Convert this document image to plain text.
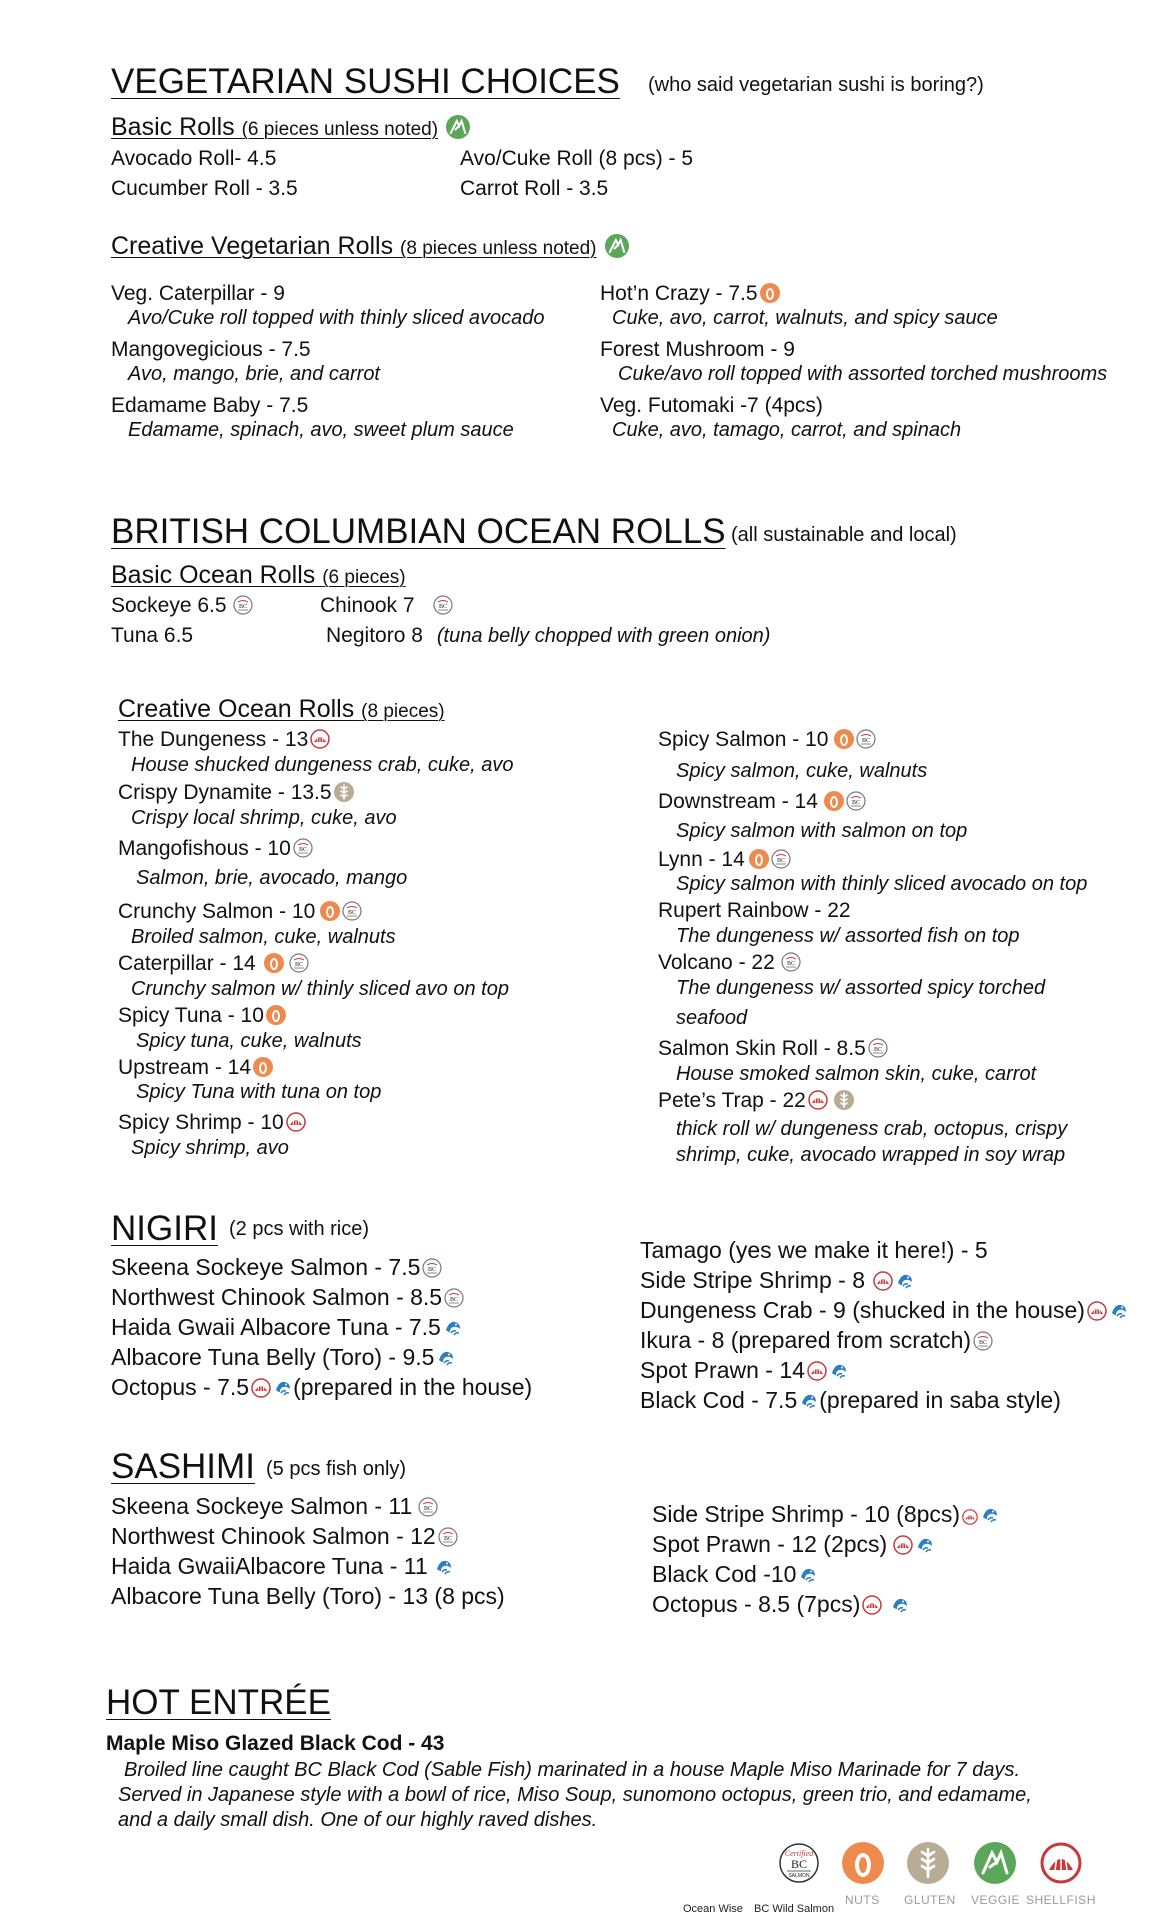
VEGETARIAN SUSHI CHOICES (who said vegetarian sushi is boring?)
Basic Rolls (6 pieces unless noted)
Avocado Roll- 4.5	Avo/Cuke Roll (8 pcs) - 5
Cucumber Roll - 3.5	Carrot Roll - 3.5
Creative Vegetarian Rolls (8 pieces unless noted)
Veg. Caterpillar - 9
Avo/Cuke roll topped with thinly sliced avocado
Mangovegicious - 7.5
Avo, mango, brie, and carrot
Edamame Baby - 7.5
Edamame, spinach, avo, sweet plum sauce
Hot’n Crazy - 7.5
Cuke, avo, carrot, walnuts, and spicy sauce
Forest Mushroom - 9
Cuke/avo roll topped with assorted torched mushrooms
Veg. Futomaki -7 (4pcs)
Cuke, avo, tamago, carrot, and spinach
BRITISH COLUMBIAN OCEAN ROLLS (all sustainable and local)
Basic Ocean Rolls (6 pieces)
Sockeye 6.5 BC	Chinook 7	BC
Tuna 6.5	Negitoro 8 (tuna belly chopped with green onion)
Creative Ocean Rolls (8 pieces)
The Dungeness - 13
House shucked dungeness crab, cuke, avo
Crispy Dynamite - 13.5
Crispy local shrimp, cuke, avo
Mangofishous - 10 BC
Salmon, brie, avocado, mango
Crunchy Salmon - 10	BC
Broiled salmon, cuke, walnuts
Caterpillar - 14	BC
Crunchy salmon w/ thinly sliced avo on top
Spicy Tuna - 10
Spicy tuna, cuke, walnuts
Upstream - 14
Spicy Tuna with tuna on top
Spicy Shrimp - 10
Spicy shrimp, avo
Spicy Salmon - 10	BC
Spicy salmon, cuke, walnuts
Downstream - 14	BC
Spicy salmon with salmon on top
Lynn - 14	BC
Spicy salmon with thinly sliced avocado on top
Rupert Rainbow - 22
The dungeness w/ assorted fish on top
Volcano - 22 BC
The dungeness w/ assorted spicy torched
seafood
Salmon Skin Roll - 8.5 BC
House smoked salmon skin, cuke, carrot
Pete’s Trap - 22
thick roll w/ dungeness crab, octopus, crispy
shrimp, cuke, avocado wrapped in soy wrap
NIGIRI (2 pcs with rice)
Skeena Sockeye Salmon - 7.5 BC
Northwest Chinook Salmon - 8.5 BC
Haida Gwaii Albacore Tuna - 7.5
Albacore Tuna Belly (Toro) - 9.5
Octopus - 7.5 (prepared in the house)
Tamago (yes we make it here!) - 5
Side Stripe Shrimp - 8
Dungeness Crab - 9 (shucked in the house)
Ikura - 8 (prepared from scratch) BC
Spot Prawn - 14
Black Cod - 7.5 (prepared in saba style)
SASHIMI (5 pcs fish only)
Skeena Sockeye Salmon - 11 BC
Northwest Chinook Salmon - 12 BC
Haida GwaiiAlbacore Tuna - 11
Albacore Tuna Belly (Toro) - 13 (8 pcs)
Side Stripe Shrimp - 10 (8pcs)
Spot Prawn - 12 (2pcs)
Black Cod -10
Octopus - 8.5 (7pcs)
HOT ENTRÉE
Maple Miso Glazed Black Cod - 43
Broiled line caught BC Black Cod (Sable Fish) marinated in a house Maple Miso Marinade for 7 days.
Served in Japanese style with a bowl of rice, Miso Soup, sunomono octopus, green trio, and edamame,
and a daily small dish. One of our highly raved dishes.
Certified
BC
SALMON
NUTS GLUTEN VEGGIE SHELLFISH
Ocean Wise BC Wild Salmon
